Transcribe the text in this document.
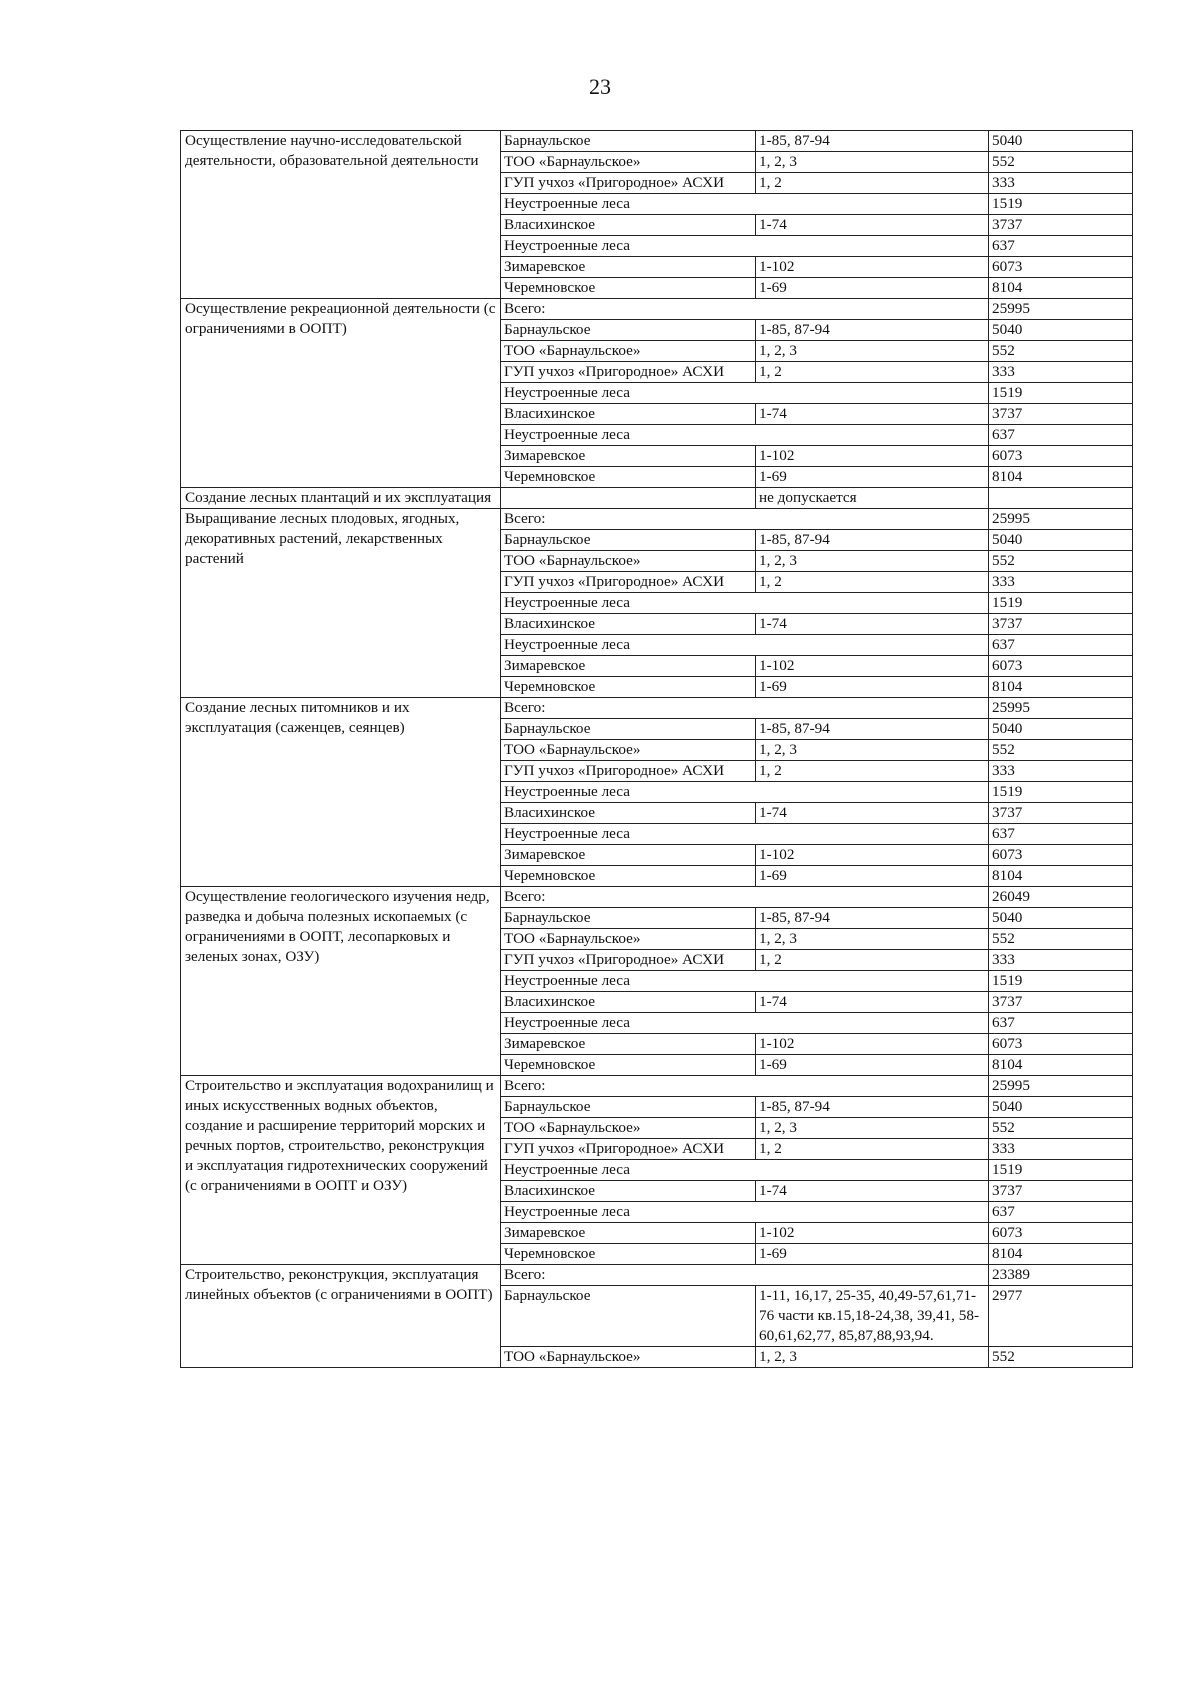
23
Осуществление научно-исследовательской деятельности, образовательной деятельности	Барнаульское	1-85, 87-94	5040
	ТОО «Барнаульское»	1, 2, 3	552
	ГУП учхоз «Пригородное» АСХИ	1, 2	333
	Неустроенные леса		1519
	Власихинское	1-74	3737
	Неустроенные леса		637
	Зимаревское	1-102	6073
	Черемновское	1-69	8104
Осуществление рекреационной деятельности (с ограничениями в ООПТ)	Всего:		25995
	Барнаульское	1-85, 87-94	5040
	ТОО «Барнаульское»	1, 2, 3	552
	ГУП учхоз «Пригородное» АСХИ	1, 2	333
	Неустроенные леса		1519
	Власихинское	1-74	3737
	Неустроенные леса		637
	Зимаревское	1-102	6073
	Черемновское	1-69	8104
Создание лесных плантаций и их эксплуатация		не допускается	
Выращивание лесных плодовых, ягодных, декоративных растений, лекарственных растений	Всего:		25995
	Барнаульское	1-85, 87-94	5040
	ТОО «Барнаульское»	1, 2, 3	552
	ГУП учхоз «Пригородное» АСХИ	1, 2	333
	Неустроенные леса		1519
	Власихинское	1-74	3737
	Неустроенные леса		637
	Зимаревское	1-102	6073
	Черемновское	1-69	8104
Создание лесных питомников и их эксплуатация (саженцев, сеянцев)	Всего:		25995
	Барнаульское	1-85, 87-94	5040
	ТОО «Барнаульское»	1, 2, 3	552
	ГУП учхоз «Пригородное» АСХИ	1, 2	333
	Неустроенные леса		1519
	Власихинское	1-74	3737
	Неустроенные леса		637
	Зимаревское	1-102	6073
	Черемновское	1-69	8104
Осуществление геологического изучения недр, разведка и добыча полезных ископаемых (с ограничениями в ООПТ, лесопарковых и зеленых зонах, ОЗУ)	Всего:		26049
	Барнаульское	1-85, 87-94	5040
	ТОО «Барнаульское»	1, 2, 3	552
	ГУП учхоз «Пригородное» АСХИ	1, 2	333
	Неустроенные леса		1519
	Власихинское	1-74	3737
	Неустроенные леса		637
	Зимаревское	1-102	6073
	Черемновское	1-69	8104
Строительство и эксплуатация водохранилищ и иных искусственных водных объектов, создание и расширение территорий морских и речных портов, строительство, реконструкция и эксплуатация гидротехнических сооружений (с ограничениями в ООПТ и ОЗУ)	Всего:		25995
	Барнаульское	1-85, 87-94	5040
	ТОО «Барнаульское»	1, 2, 3	552
	ГУП учхоз «Пригородное» АСХИ	1, 2	333
	Неустроенные леса		1519
	Власихинское	1-74	3737
	Неустроенные леса		637
	Зимаревское	1-102	6073
	Черемновское	1-69	8104
Строительство, реконструкция, эксплуатация линейных объектов (с ограничениями в ООПТ)	Всего:		23389
	Барнаульское	1-11, 16,17, 25-35, 40,49-57,61,71-76 части кв.15,18-24,38, 39,41, 58-60,61,62,77, 85,87,88,93,94.	2977
	ТОО «Барнаульское»	1, 2, 3	552
